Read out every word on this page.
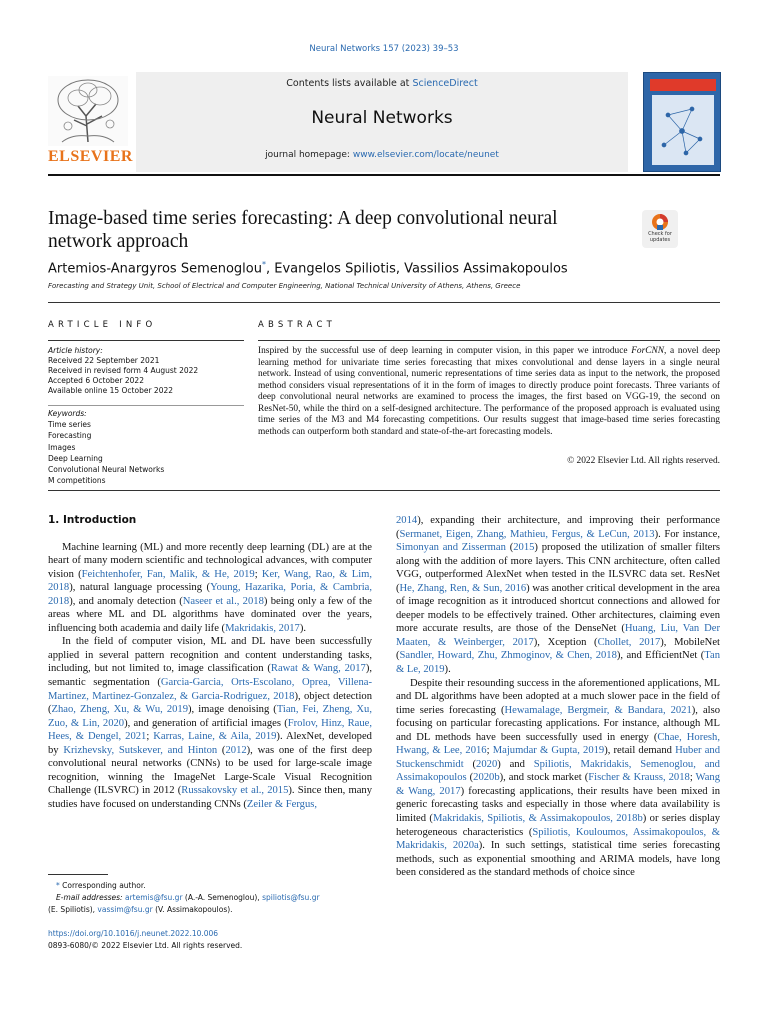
Neural Networks 157 (2023) 39–53
ELSEVIER
Contents lists available at ScienceDirect
Neural Networks
journal homepage: www.elsevier.com/locate/neunet
Image-based time series forecasting: A deep convolutional neural network approach	Check for updates
Artemios-Anargyros Semenoglou*, Evangelos Spiliotis, Vassilios Assimakopoulos
Forecasting and Strategy Unit, School of Electrical and Computer Engineering, National Technical University of Athens, Athens, Greece
ARTICLE INFO	ABSTRACT
Article history:
Received 22 September 2021
Received in revised form 4 August 2022
Accepted 6 October 2022
Available online 15 October 2022
Keywords:
Time series
Forecasting
Images
Deep Learning
Convolutional Neural Networks
M competitions
Inspired by the successful use of deep learning in computer vision, in this paper we introduce ForCNN, a novel deep learning method for univariate time series forecasting that mixes convolutional and dense layers in a single neural network. Instead of using conventional, numeric representations of time series data as input to the network, the proposed method considers visual representations of it in the form of images to directly produce point forecasts. Three variants of deep convolutional neural networks are examined to process the images, the first based on VGG-19, the second on ResNet-50, while the third on a self-designed architecture. The performance of the proposed approach is evaluated using time series of the M3 and M4 forecasting competitions. Our results suggest that image-based time series forecasting methods can outperform both standard and state-of-the-art forecasting models.
© 2022 Elsevier Ltd. All rights reserved.
1. Introduction

Machine learning (ML) and more recently deep learning (DL) are at the heart of many modern scientific and technological advances, with computer vision (Feichtenhofer, Fan, Malik, & He, 2019; Ker, Wang, Rao, & Lim, 2018), natural language processing (Young, Hazarika, Poria, & Cambria, 2018), and anomaly detection (Naseer et al., 2018) being only a few of the areas where ML and DL algorithms have dominated over the years, influencing both academia and daily life (Makridakis, 2017).

In the field of computer vision, ML and DL have been successfully applied in several pattern recognition and content understanding tasks, including, but not limited to, image classification (Rawat & Wang, 2017), semantic segmentation (Garcia-Garcia, Orts-Escolano, Oprea, Villena-Martinez, Martinez-Gonzalez, & Garcia-Rodriguez, 2018), object detection (Zhao, Zheng, Xu, & Wu, 2019), image denoising (Tian, Fei, Zheng, Xu, Zuo, & Lin, 2020), and generation of artificial images (Frolov, Hinz, Raue, Hees, & Dengel, 2021; Karras, Laine, & Aila, 2019). AlexNet, developed by Krizhevsky, Sutskever, and Hinton (2012), was one of the first deep convolutional neural networks (CNNs) to be used for large-scale image recognition, winning the ImageNet Large-Scale Visual Recognition Challenge (ILSVRC) in 2012 (Russakovsky et al., 2015). Since then, many studies have focused on understanding CNNs (Zeiler & Fergus,

2014), expanding their architecture, and improving their performance (Sermanet, Eigen, Zhang, Mathieu, Fergus, & LeCun, 2013). For instance, Simonyan and Zisserman (2015) proposed the utilization of smaller filters along with the addition of more layers. This CNN architecture, often called VGG, outperformed AlexNet when tested in the ILSVRC data set. ResNet (He, Zhang, Ren, & Sun, 2016) was another critical development in the area of image recognition as it introduced shortcut connections and allowed for deeper models to be effectively trained. Other architectures, claiming even more accurate results, are those of the DenseNet (Huang, Liu, Van Der Maaten, & Weinberger, 2017), Xception (Chollet, 2017), MobileNet (Sandler, Howard, Zhu, Zhmoginov, & Chen, 2018), and EfficientNet (Tan & Le, 2019).

Despite their resounding success in the aforementioned applications, ML and DL algorithms have been adopted at a much slower pace in the field of time series forecasting (Hewamalage, Bergmeir, & Bandara, 2021), also focusing on particular forecasting applications. For instance, although ML and DL methods have been successfully used in energy (Chae, Horesh, Hwang, & Lee, 2016; Majumdar & Gupta, 2019), retail demand Huber and Stuckenschmidt (2020) and Spiliotis, Makridakis, Semenoglou, and Assimakopoulos (2020b), and stock market (Fischer & Krauss, 2018; Wang & Wang, 2017) forecasting applications, their results have been mixed in generic forecasting tasks and especially in those where data availability is limited (Makridakis, Spiliotis, & Assimakopoulos, 2018b) or series display heterogeneous characteristics (Spiliotis, Kouloumos, Assimakopoulos, & Makridakis, 2020a). In such settings, statistical time series forecasting methods, such as exponential smoothing and ARIMA models, have long been considered as the standard methods of choice since

* Corresponding author.
E-mail addresses: artemis@fsu.gr (A.-A. Semenoglou), spiliotis@fsu.gr
(E. Spiliotis), vassim@fsu.gr (V. Assimakopoulos).
https://doi.org/10.1016/j.neunet.2022.10.006
0893-6080/© 2022 Elsevier Ltd. All rights reserved.
